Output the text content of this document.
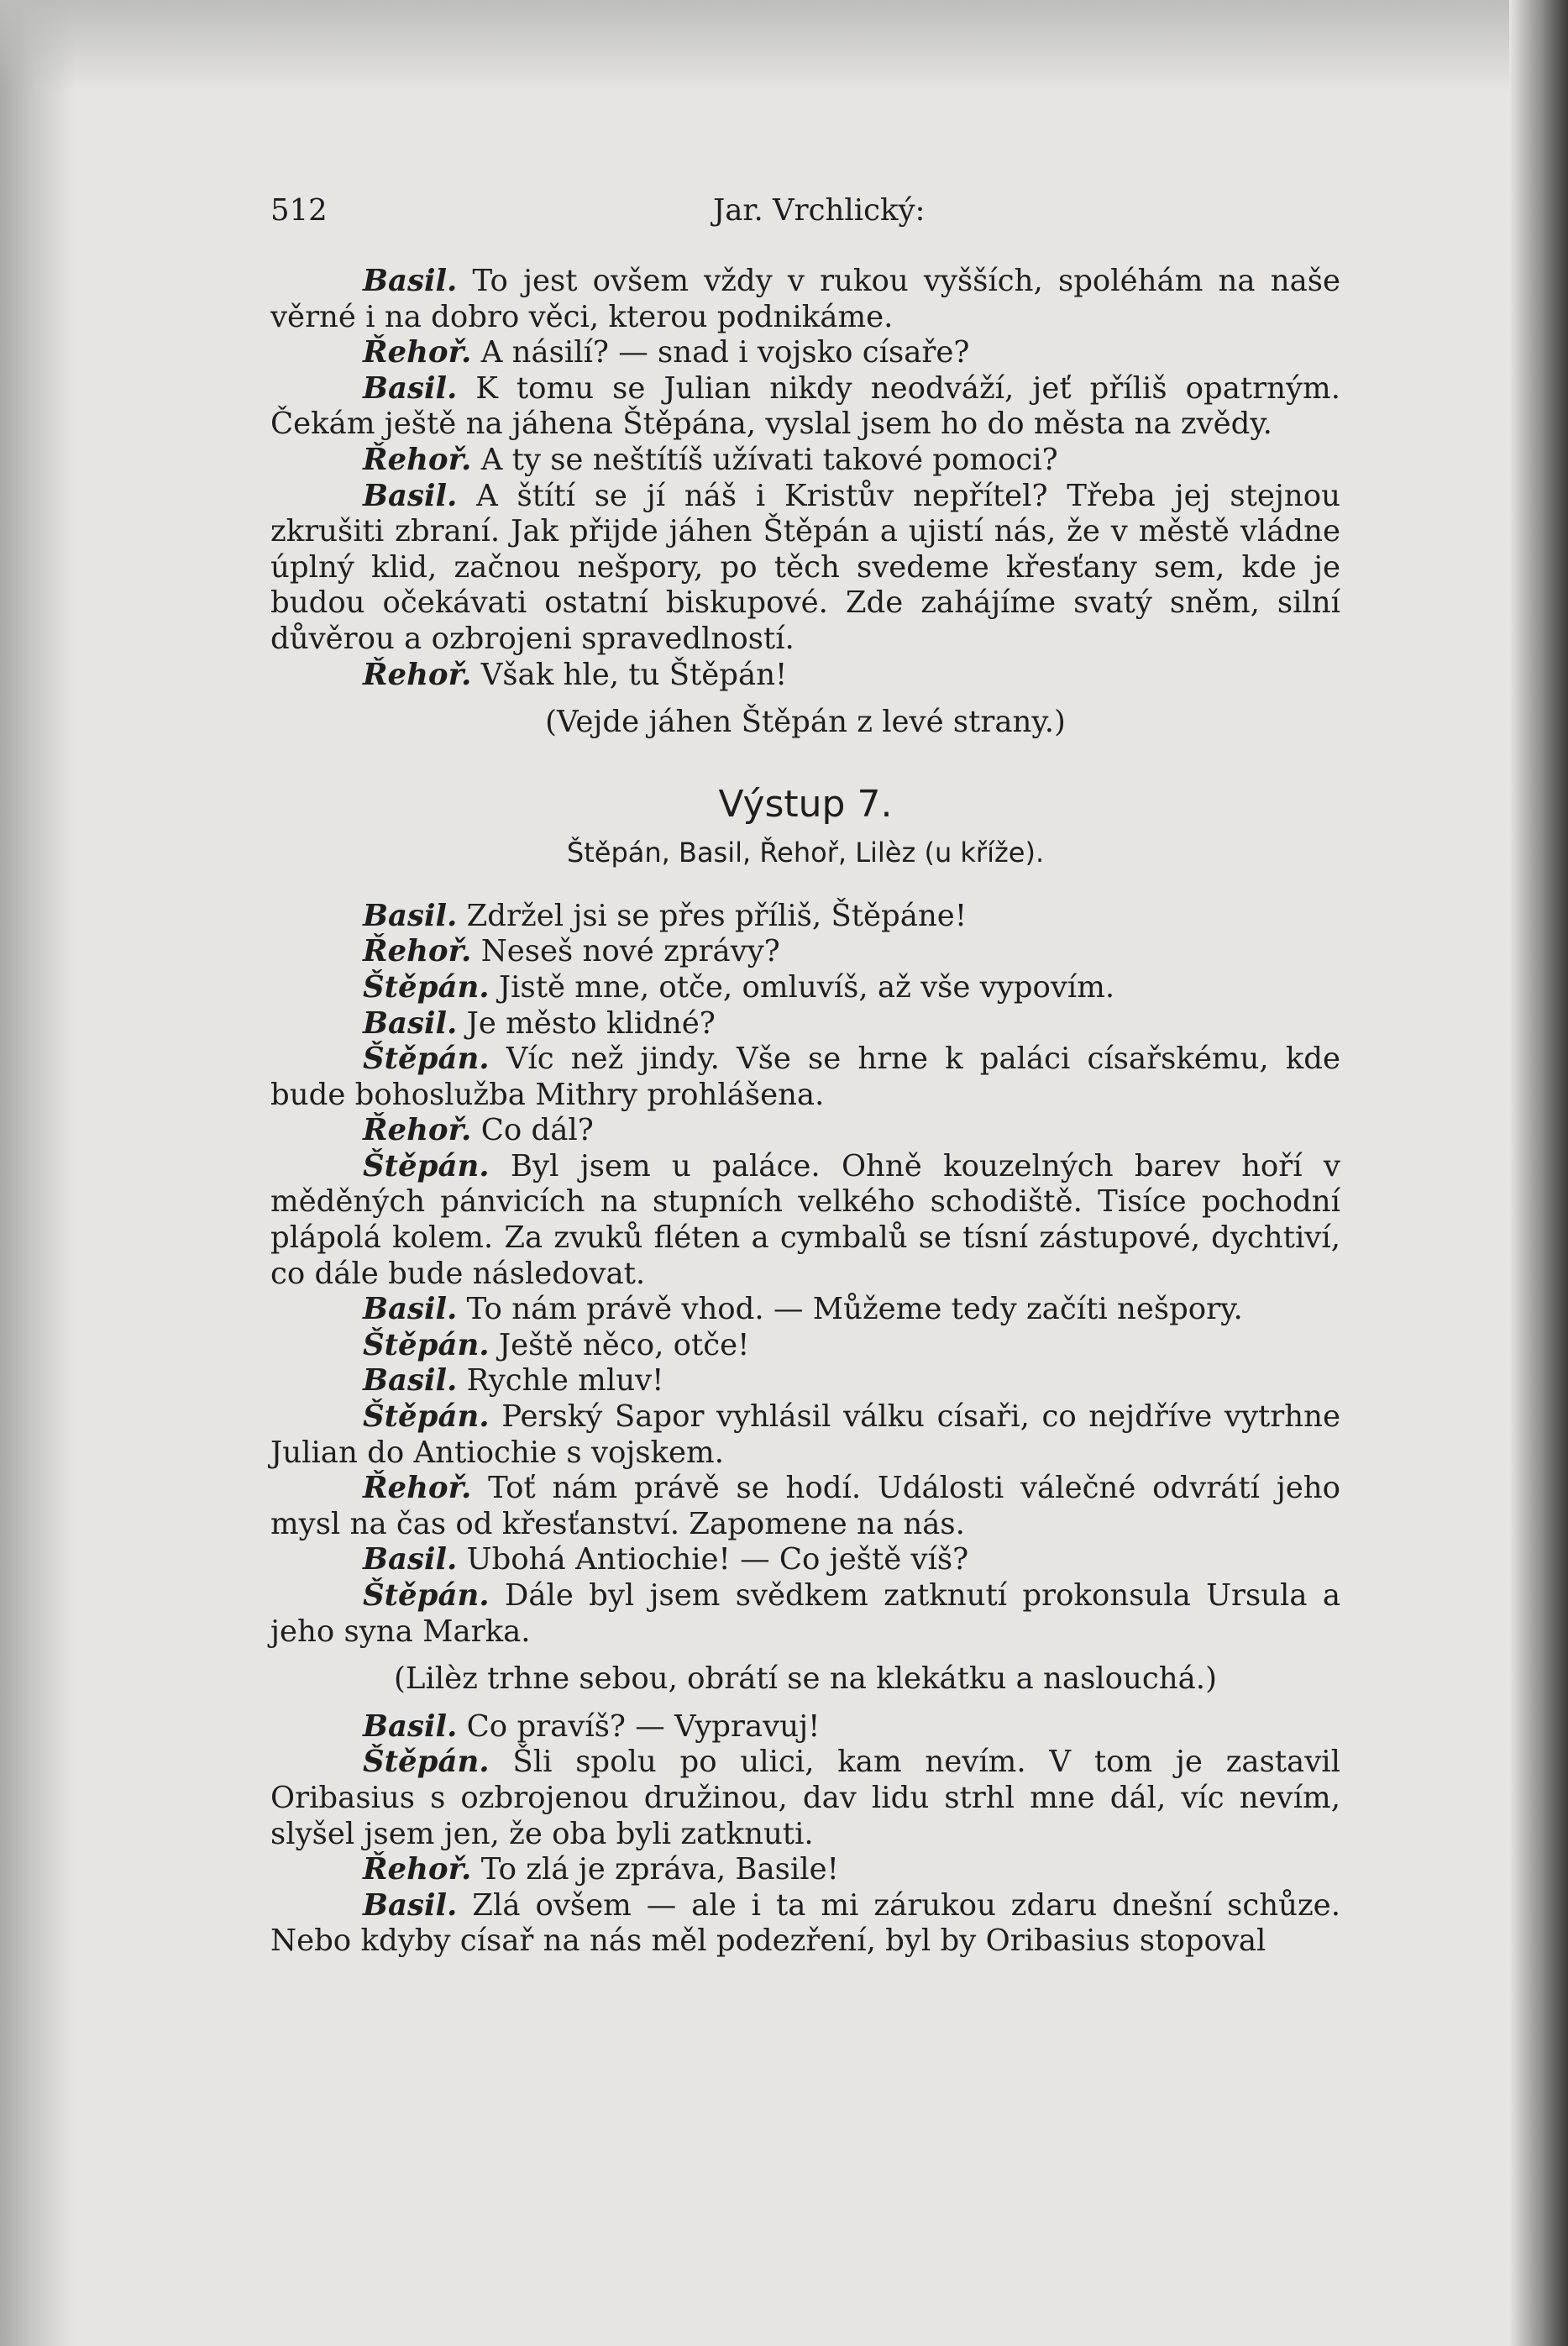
512	Jar. Vrchlický:

Basil. To jest ovšem vždy v rukou vyšších, spoléhám na naše věrné i na dobro věci, kterou podnikáme.

Řehoř. A násilí? — snad i vojsko císaře?

Basil. K tomu se Julian nikdy neodváží, jeť příliš opatrným. Čekám ještě na jáhena Štěpána, vyslal jsem ho do města na zvědy.

Řehoř. A ty se neštítíš užívati takové pomoci?

Basil. A štítí se jí náš i Kristův nepřítel? Třeba jej stejnou zkrušiti zbraní. Jak přijde jáhen Štěpán a ujistí nás, že v městě vládne úplný klid, začnou nešpory, po těch svedeme křesťany sem, kde je budou očekávati ostatní biskupové. Zde zahájíme svatý sněm, silní důvěrou a ozbrojeni spravedlností.

Řehoř. Však hle, tu Štěpán!

(Vejde jáhen Štěpán z levé strany.)

Výstup 7.
Štěpán, Basil, Řehoř, Lilèz (u kříže).

Basil. Zdržel jsi se přes příliš, Štěpáne!

Řehoř. Neseš nové zprávy?

Štěpán. Jistě mne, otče, omluvíš, až vše vypovím.

Basil. Je město klidné?

Štěpán. Víc než jindy. Vše se hrne k paláci císařskému, kde bude bohoslužba Mithry prohlášena.

Řehoř. Co dál?

Štěpán. Byl jsem u paláce. Ohně kouzelných barev hoří v měděných pánvicích na stupních velkého schodiště. Tisíce pochodní plápolá kolem. Za zvuků fléten a cymbalů se tísní zástupové, dychtiví, co dále bude následovat.

Basil. To nám právě vhod. — Můžeme tedy začíti nešpory.

Štěpán. Ještě něco, otče!

Basil. Rychle mluv!

Štěpán. Perský Sapor vyhlásil válku císaři, co nejdříve vytrhne Julian do Antiochie s vojskem.

Řehoř. Toť nám právě se hodí. Události válečné odvrátí jeho mysl na čas od křesťanství. Zapomene na nás.

Basil. Ubohá Antiochie! — Co ještě víš?

Štěpán. Dále byl jsem svědkem zatknutí prokonsula Ursula a jeho syna Marka.

(Lilèz trhne sebou, obrátí se na klekátku a naslouchá.)

Basil. Co pravíš? — Vypravuj!

Štěpán. Šli spolu po ulici, kam nevím. V tom je zastavil Oribasius s ozbrojenou družinou, dav lidu strhl mne dál, víc nevím, slyšel jsem jen, že oba byli zatknuti.

Řehoř. To zlá je zpráva, Basile!

Basil. Zlá ovšem — ale i ta mi zárukou zdaru dnešní schůze. Nebo kdyby císař na nás měl podezření, byl by Oribasius stopoval
